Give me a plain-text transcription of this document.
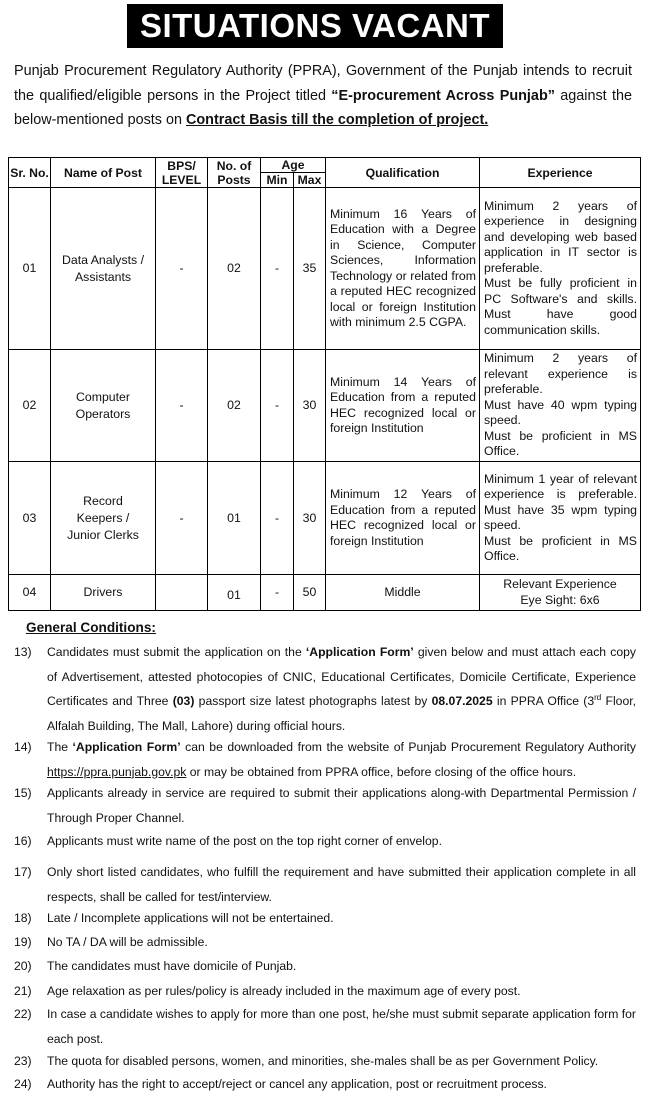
SITUATIONS VACANT
Punjab Procurement Regulatory Authority (PPRA), Government of the Punjab intends to recruit the qualified/eligible persons in the Project titled “E-procurement Across Punjab” against the below-mentioned posts on Contract Basis till the completion of project.
Sr. No.	Name of Post	BPS/ LEVEL	No. of Posts	Age		Qualification	Experience
				Min	Max		
01	Data Analysts / Assistants	-	02	-	35	Minimum 16 Years of Education with a Degree in Science, Computer Sciences, Information Technology or related from a reputed HEC recognized local or foreign Institution with minimum 2.5 CGPA.	Minimum 2 years of experience in designing and developing web based application in IT sector is preferable.

Must be fully proficient in PC Software's and skills.

Must have good communication skills.

02	Computer Operators	-	02	-	30	Minimum 14 Years of Education from a reputed HEC recognized local or foreign Institution	Minimum 2 years of relevant experience is preferable.

Must have 40 wpm typing speed.

Must be proficient in MS Office.

03	Record Keepers / Junior Clerks	-	01	-	30	Minimum 12 Years of Education from a reputed HEC recognized local or foreign Institution	Minimum 1 year of relevant experience is preferable.

Must have 35 wpm typing speed.

Must be proficient in MS Office.

04	Drivers		01	-	50	Middle	Relevant Experience
Eye Sight: 6x6
General Conditions:
13) Candidates must submit the application on the ‘Application Form’ given below and must attach each copy of Advertisement, attested photocopies of CNIC, Educational Certificates, Domicile Certificate, Experience Certificates and Three (03) passport size latest photographs latest by 08.07.2025 in PPRA Office (3rd Floor, Alfalah Building, The Mall, Lahore) during official hours.
14) The ‘Application Form’ can be downloaded from the website of Punjab Procurement Regulatory Authority https://ppra.punjab.gov.pk or may be obtained from PPRA office, before closing of the office hours.
15) Applicants already in service are required to submit their applications along-with Departmental Permission / Through Proper Channel.
16) Applicants must write name of the post on the top right corner of envelop.
17) Only short listed candidates, who fulfill the requirement and have submitted their application complete in all respects, shall be called for test/interview.
18) Late / Incomplete applications will not be entertained.
19) No TA / DA will be admissible.
20) The candidates must have domicile of Punjab.
21) Age relaxation as per rules/policy is already included in the maximum age of every post.
22) In case a candidate wishes to apply for more than one post, he/she must submit separate application form for each post.
23) The quota for disabled persons, women, and minorities, she-males shall be as per Government Policy.
24) Authority has the right to accept/reject or cancel any application, post or recruitment process.
